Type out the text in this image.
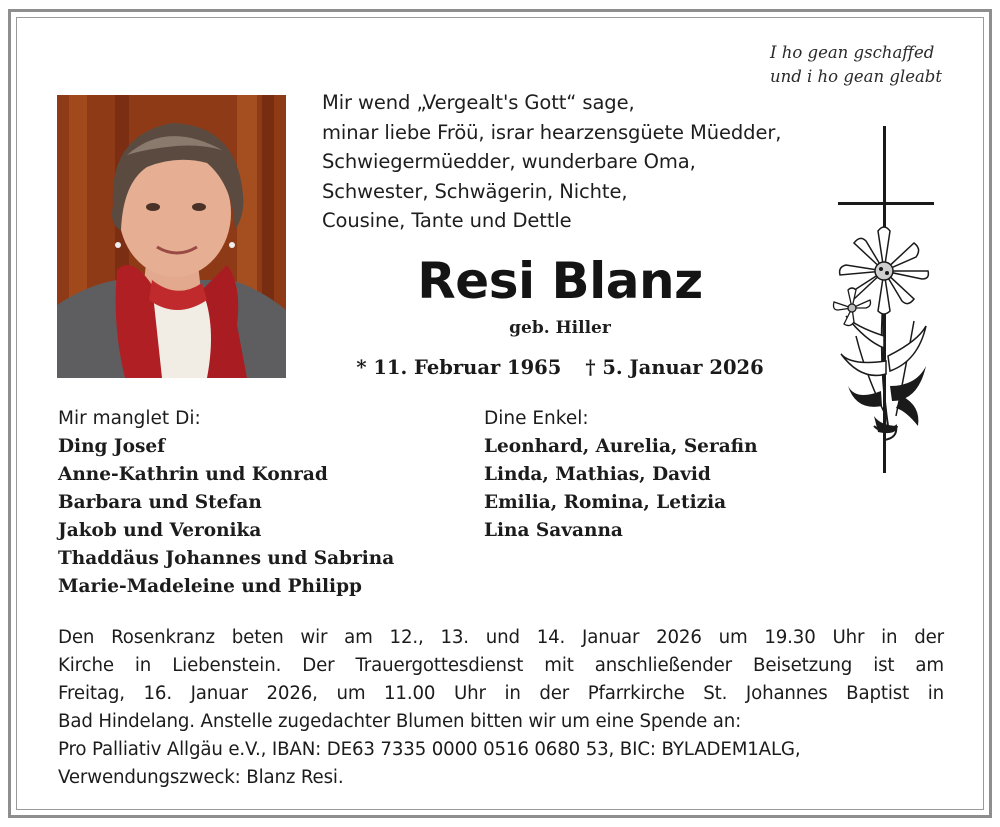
I ho gean gschaffed
und i ho gean gleabt
Mir wend „Vergealt's Gott“ sage,
minar liebe Fröü, israr hearzensgüete Müedder,
Schwiegermüedder, wunderbare Oma,
Schwester, Schwägerin, Nichte,
Cousine, Tante und Dettle
Resi Blanz
geb. Hiller
* 11. Februar 1965 † 5. Januar 2026
Mir manglet Di:
Ding Josef
Anne-Kathrin und Konrad
Barbara und Stefan
Jakob und Veronika
Thaddäus Johannes und Sabrina
Marie-Madeleine und Philipp
Dine Enkel:
Leonhard, Aurelia, Serafin
Linda, Mathias, David
Emilia, Romina, Letizia
Lina Savanna
Den Rosenkranz beten wir am 12., 13. und 14. Januar 2026 um 19.30 Uhr in der
Kirche in Liebenstein. Der Trauergottesdienst mit anschließender Beisetzung ist am
Freitag, 16. Januar 2026, um 11.00 Uhr in der Pfarrkirche St. Johannes Baptist in
Bad Hindelang. Anstelle zugedachter Blumen bitten wir um eine Spende an:
Pro Palliativ Allgäu e.V., IBAN: DE63 7335 0000 0516 0680 53, BIC: BYLADEM1ALG,
Verwendungszweck: Blanz Resi.
